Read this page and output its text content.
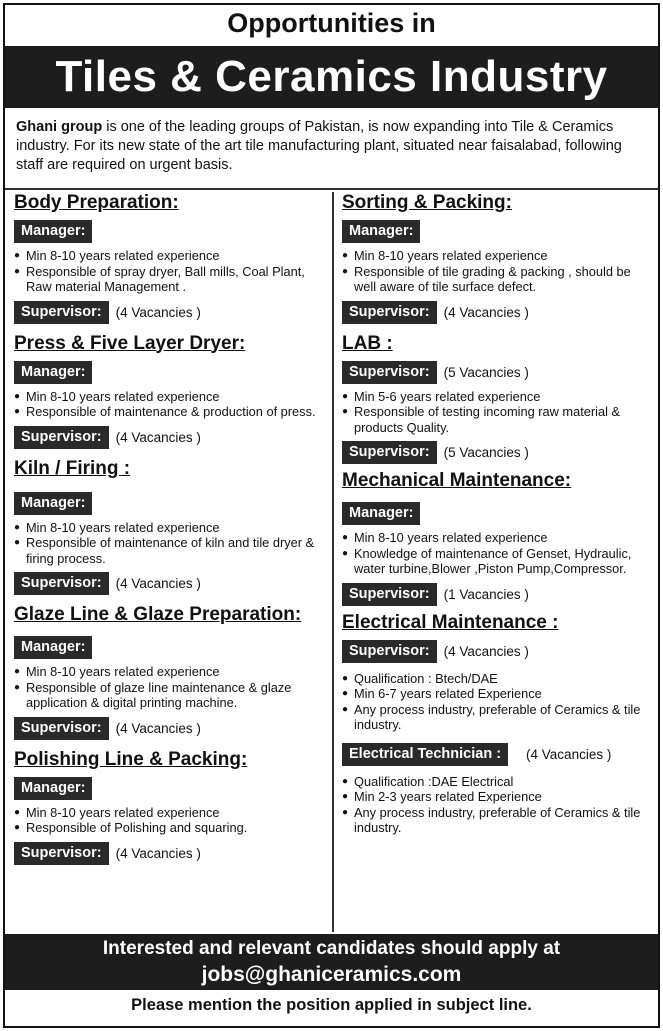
Opportunities in
Tiles & Ceramics Industry
Ghani group is one of the leading groups of Pakistan, is now expanding into Tile & Ceramics industry. For its new state of the art tile manufacturing plant, situated near faisalabad, following staff are required on urgent basis.
Body Preparation:
Manager:
● Min 8-10 years related experience
● Responsible of spray dryer, Ball mills, Coal Plant, Raw material Management .
Supervisor:	(4 Vacancies )
Press & Five Layer Dryer:
Manager:
● Min 8-10 years related experience
● Responsible of maintenance & production of press.
Supervisor:	(4 Vacancies )
Kiln / Firing :
Manager:
● Min 8-10 years related experience
● Responsible of maintenance of kiln and tile dryer & firing process.
Supervisor:	(4 Vacancies )
Glaze Line & Glaze Preparation:
Manager:
● Min 8-10 years related experience
● Responsible of glaze line maintenance & glaze application & digital printing machine.
Supervisor:	(4 Vacancies )
Polishing Line & Packing:
Manager:
● Min 8-10 years related experience
● Responsible of Polishing and squaring.
Supervisor:	(4 Vacancies )
Sorting & Packing:
Manager:
● Min 8-10 years related experience
● Responsible of tile grading & packing , should be well aware of tile surface defect.
Supervisor:	(4 Vacancies )
LAB :
Supervisor:	(5 Vacancies )
● Min 5-6 years related experience
● Responsible of testing incoming raw material & products Quality.
Supervisor:	(5 Vacancies )
Mechanical Maintenance:
Manager:
● Min 8-10 years related experience
● Knowledge of maintenance of Genset, Hydraulic, water turbine,Blower ,Piston Pump,Compressor.
Supervisor:	(1 Vacancies )
Electrical Maintenance :
Supervisor:	(4 Vacancies )
● Qualification : Btech/DAE
● Min 6-7 years related Experience
● Any process industry, preferable of Ceramics & tile industry.
Electrical Technician :	(4 Vacancies )
● Qualification :DAE Electrical
● Min 2-3 years related Experience
● Any process industry, preferable of Ceramics & tile industry.
Interested and relevant candidates should apply at
jobs@ghaniceramics.com
Please mention the position applied in subject line.
